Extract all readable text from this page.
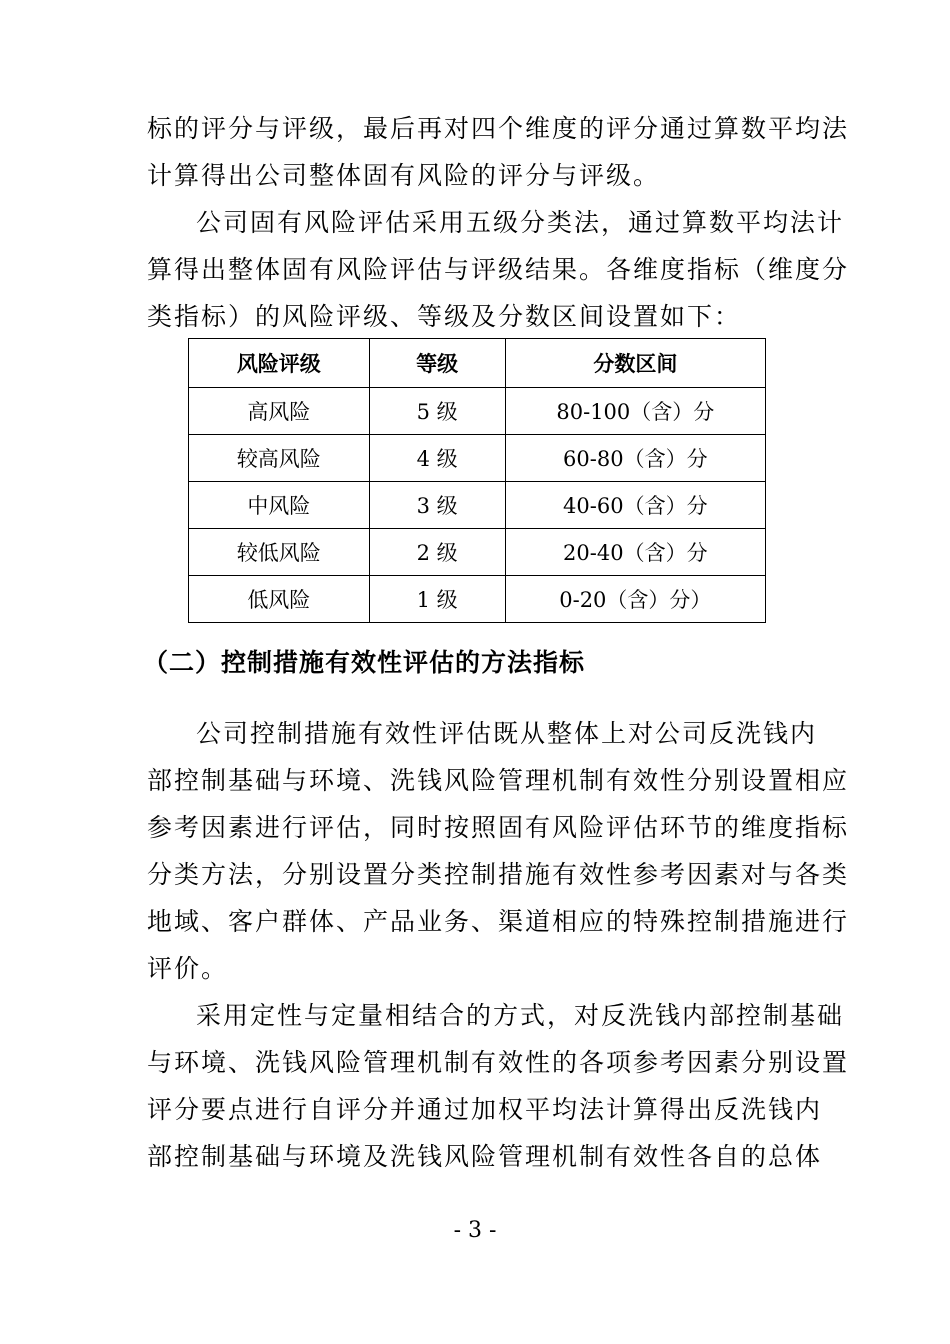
标的评分与评级，最后再对四个维度的评分通过算数平均法
计算得出公司整体固有风险的评分与评级。
公司固有风险评估采用五级分类法，通过算数平均法计
算得出整体固有风险评估与评级结果。各维度指标（维度分
类指标）的风险评级、等级及分数区间设置如下：
风险评级	等级	分数区间
高风险	5 级	80-100（含）分
较高风险	4 级	60-80（含）分
中风险	3 级	40-60（含）分
较低风险	2 级	20-40（含）分
低风险	1 级	0-20（含）分）
（二）控制措施有效性评估的方法指标
公司控制措施有效性评估既从整体上对公司反洗钱内
部控制基础与环境、洗钱风险管理机制有效性分别设置相应
参考因素进行评估，同时按照固有风险评估环节的维度指标
分类方法，分别设置分类控制措施有效性参考因素对与各类
地域、客户群体、产品业务、渠道相应的特殊控制措施进行
评价。
采用定性与定量相结合的方式，对反洗钱内部控制基础
与环境、洗钱风险管理机制有效性的各项参考因素分别设置
评分要点进行自评分并通过加权平均法计算得出反洗钱内
部控制基础与环境及洗钱风险管理机制有效性各自的总体
- 3 -
